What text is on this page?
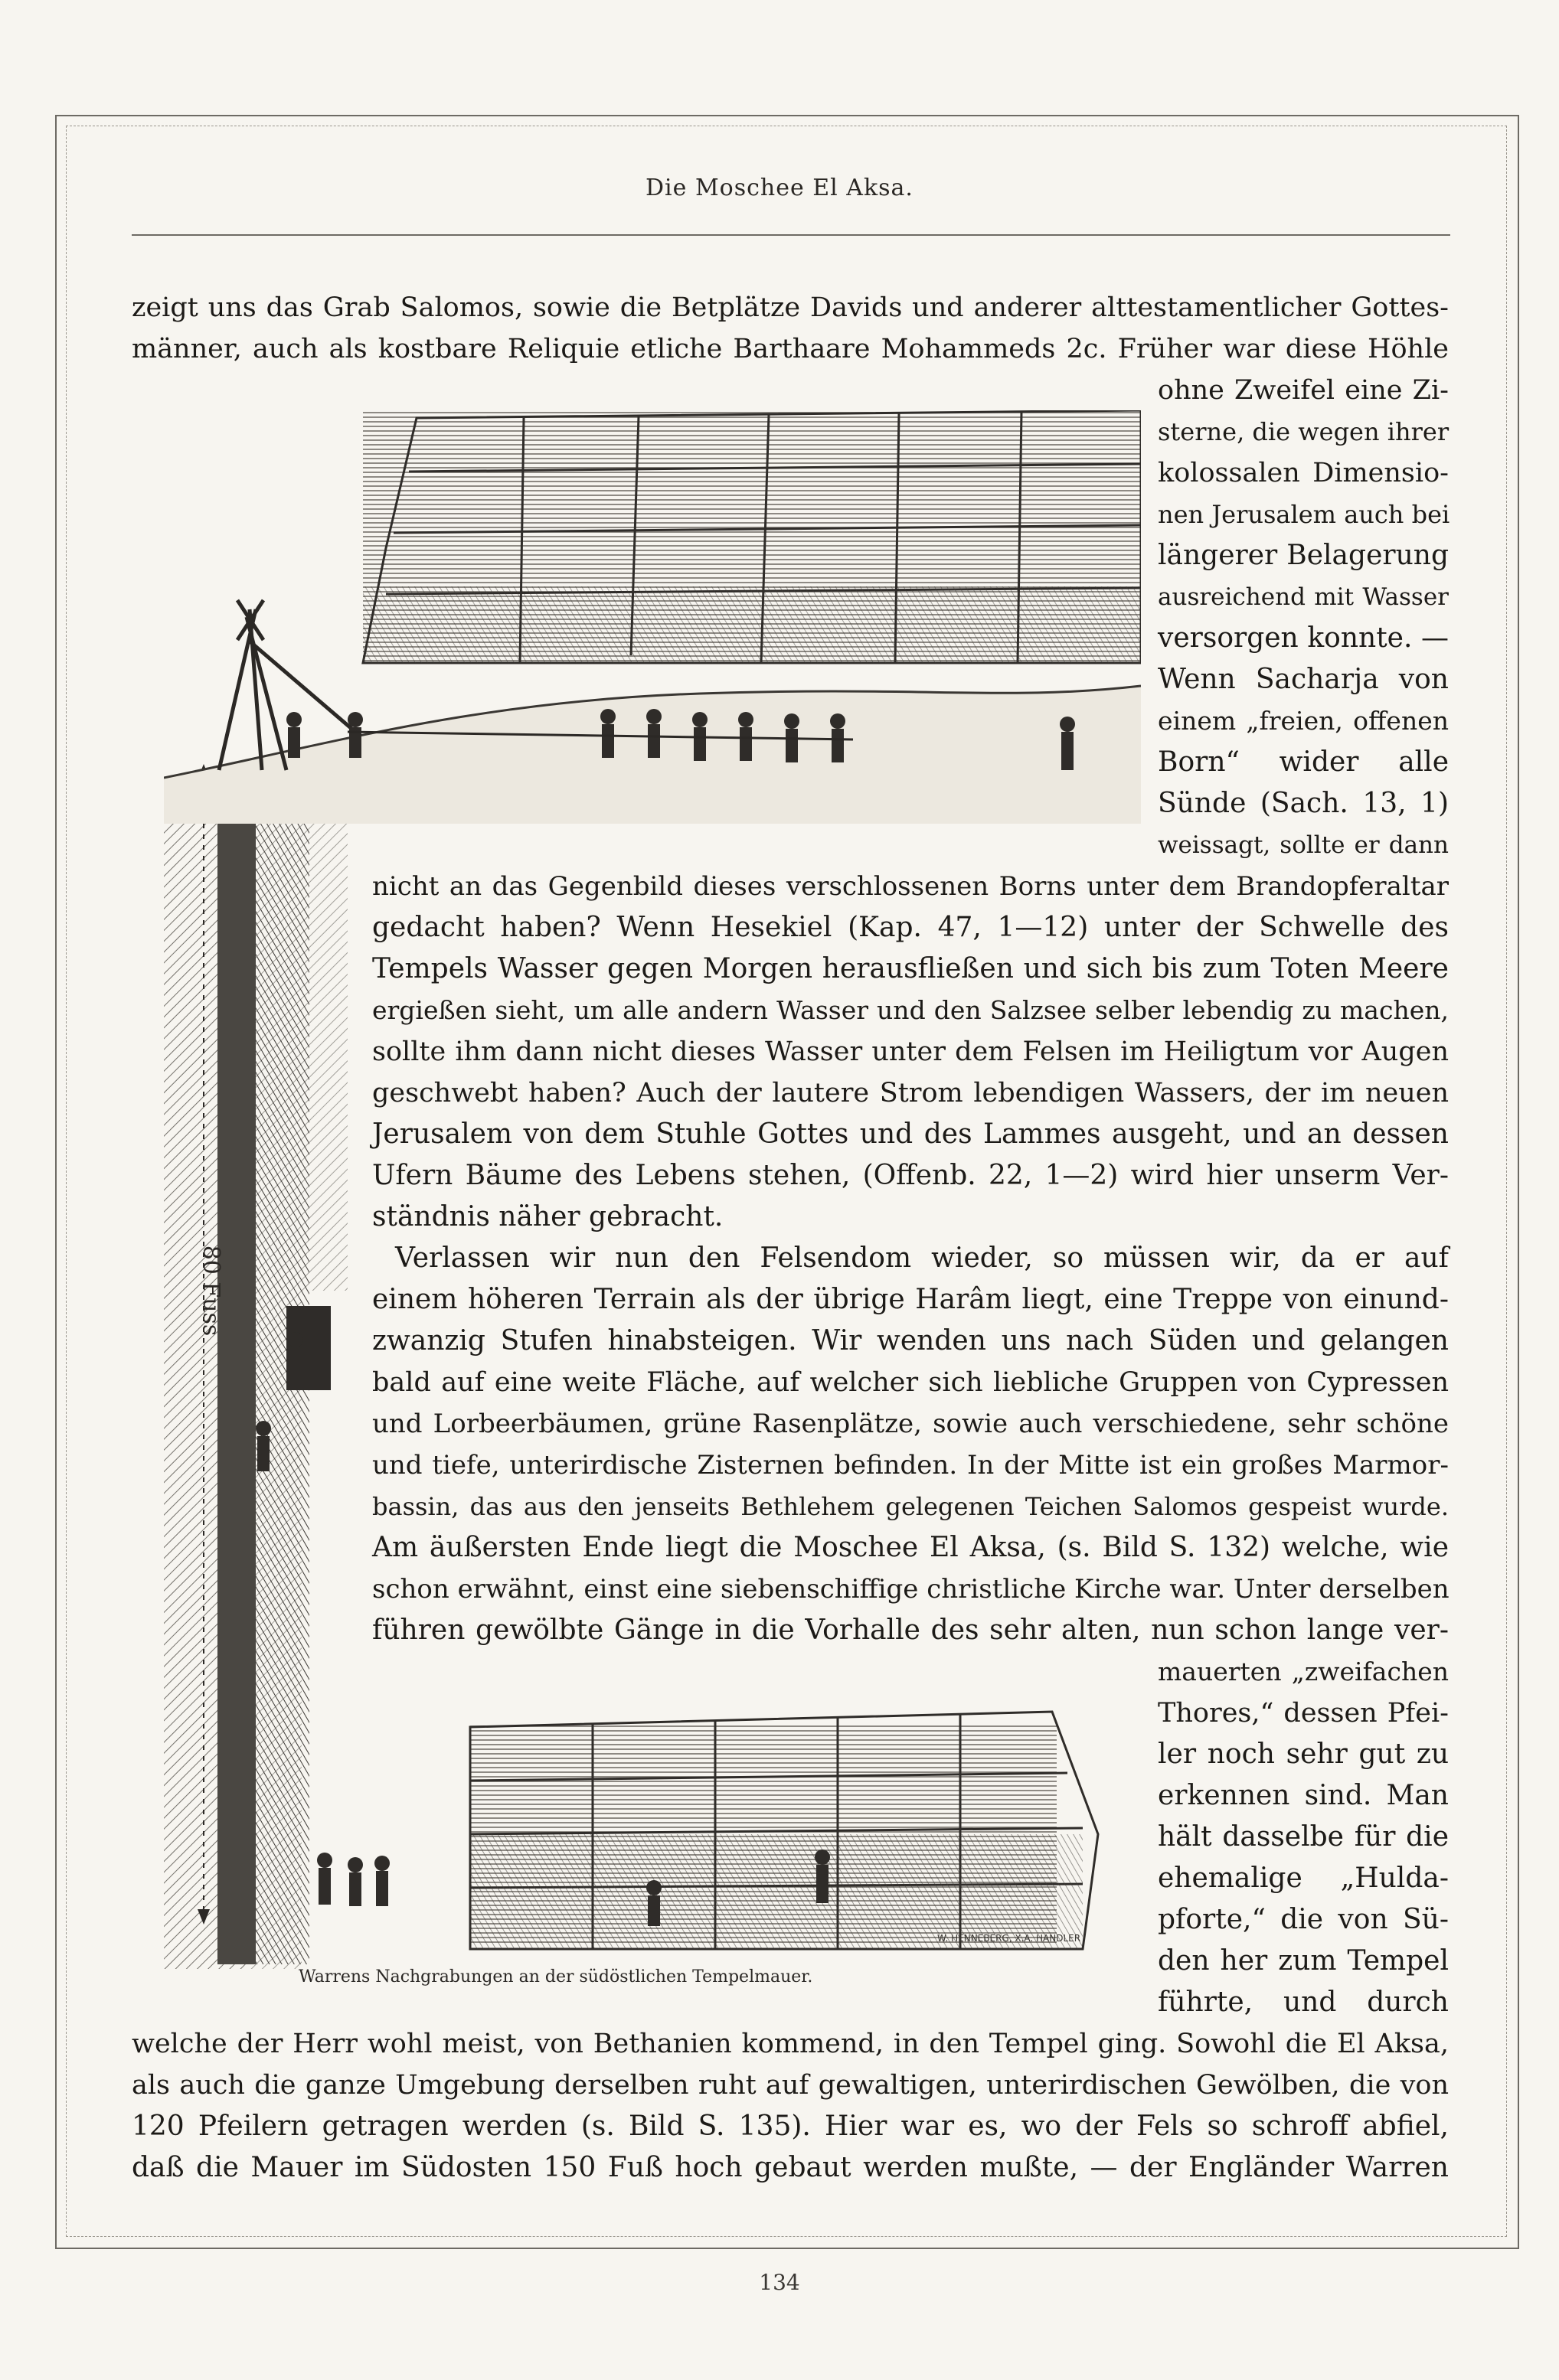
Die Moschee El Aksa.
80 Fuss
W. HENNEBERG, X.A. HANDLER
Warrens Nachgrabungen an der südöstlichen Tempelmauer.
zeigt uns das Grab Salomos, sowie die Betplätze Davids und anderer alttestamentlicher Gottes-
männer, auch als kostbare Reliquie etliche Barthaare Mohammeds 2c. Früher war diese Höhle
ohne Zweifel eine Zi-
sterne, die wegen ihrer
kolossalen Dimensio-
nen Jerusalem auch bei
längerer Belagerung
ausreichend mit Wasser
versorgen konnte. —
Wenn Sacharja von
einem „freien, offenen
Born“ wider alle
Sünde (Sach. 13, 1)
weissagt, sollte er dann
nicht an das Gegenbild dieses verschlossenen Borns unter dem Brandopferaltar
gedacht haben? Wenn Hesekiel (Kap. 47, 1—12) unter der Schwelle des
Tempels Wasser gegen Morgen herausfließen und sich bis zum Toten Meere
ergießen sieht, um alle andern Wasser und den Salzsee selber lebendig zu machen,
sollte ihm dann nicht dieses Wasser unter dem Felsen im Heiligtum vor Augen
geschwebt haben? Auch der lautere Strom lebendigen Wassers, der im neuen
Jerusalem von dem Stuhle Gottes und des Lammes ausgeht, und an dessen
Ufern Bäume des Lebens stehen, (Offenb. 22, 1—2) wird hier unserm Ver-
ständnis näher gebracht.
Verlassen wir nun den Felsendom wieder, so müssen wir, da er auf
einem höheren Terrain als der übrige Harâm liegt, eine Treppe von einund-
zwanzig Stufen hinabsteigen. Wir wenden uns nach Süden und gelangen
bald auf eine weite Fläche, auf welcher sich liebliche Gruppen von Cypressen
und Lorbeerbäumen, grüne Rasenplätze, sowie auch verschiedene, sehr schöne
und tiefe, unterirdische Zisternen befinden. In der Mitte ist ein großes Marmor-
bassin, das aus den jenseits Bethlehem gelegenen Teichen Salomos gespeist wurde.
Am äußersten Ende liegt die Moschee El Aksa, (s. Bild S. 132) welche, wie
schon erwähnt, einst eine siebenschiffige christliche Kirche war. Unter derselben
führen gewölbte Gänge in die Vorhalle des sehr alten, nun schon lange ver-
mauerten „zweifachen
Thores,“ dessen Pfei-
ler noch sehr gut zu
erkennen sind. Man
hält dasselbe für die
ehemalige „Hulda-
pforte,“ die von Sü-
den her zum Tempel
führte, und durch
welche der Herr wohl meist, von Bethanien kommend, in den Tempel ging. Sowohl die El Aksa,
als auch die ganze Umgebung derselben ruht auf gewaltigen, unterirdischen Gewölben, die von
120 Pfeilern getragen werden (s. Bild S. 135). Hier war es, wo der Fels so schroff abfiel,
daß die Mauer im Südosten 150 Fuß hoch gebaut werden mußte, — der Engländer Warren
134
